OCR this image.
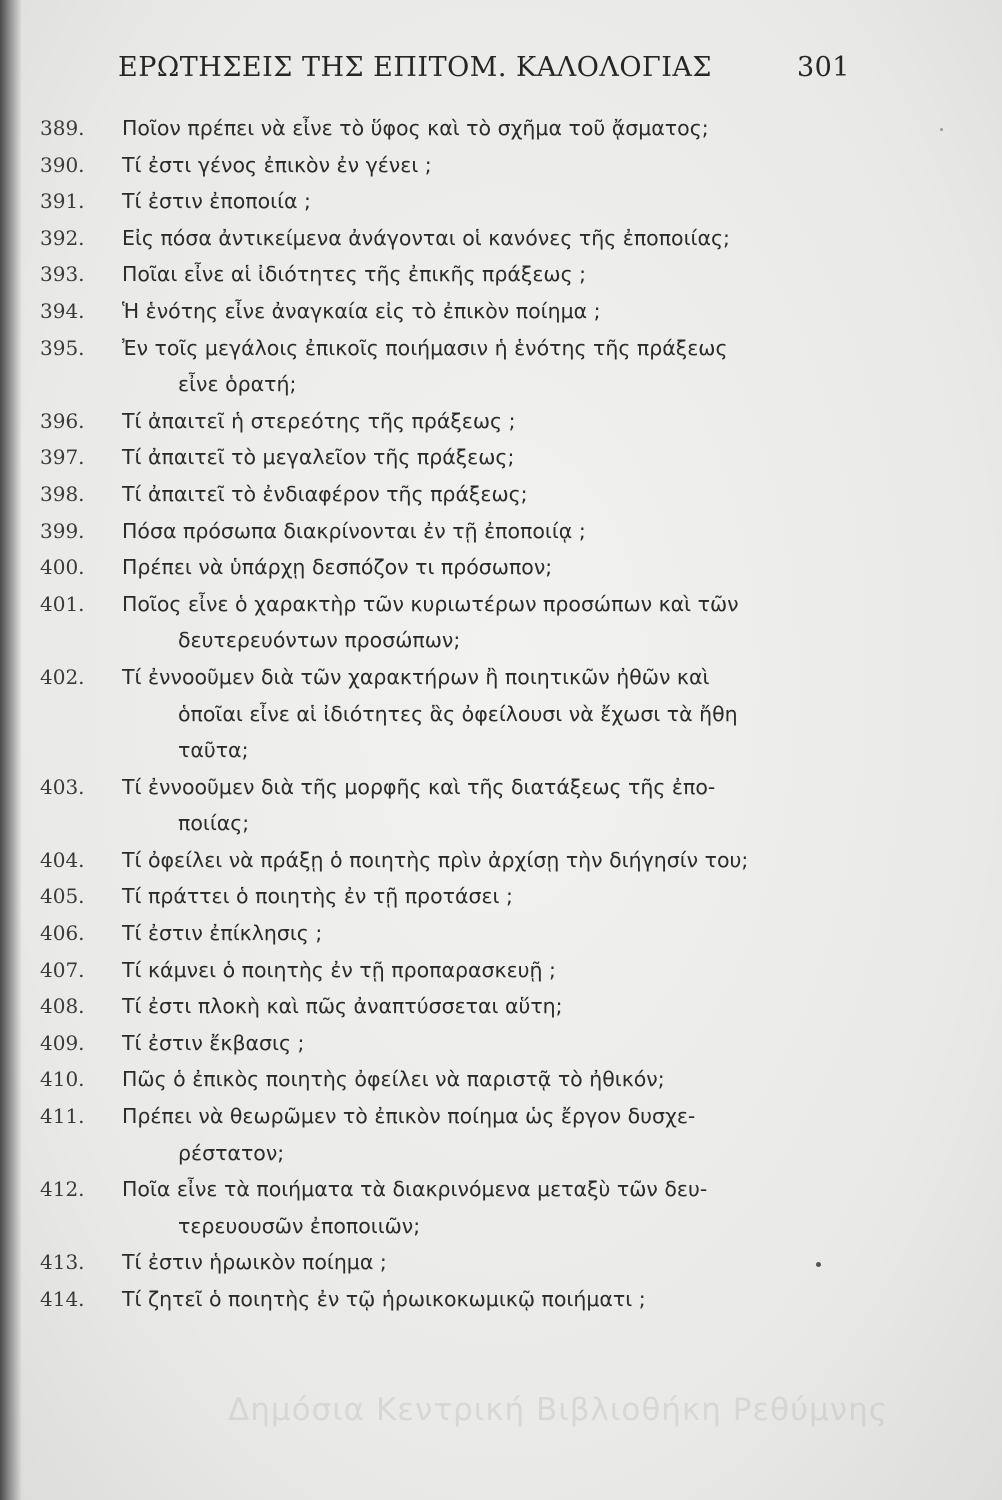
ΕΡΩΤΗΣΕΙΣ ΤΗΣ ΕΠΙΤΟΜ. ΚΑΛΟΛΟΓΙΑΣ	301
389.	Ποῖον πρέπει νὰ εἶνε τὸ ὕφος καὶ τὸ σχῆμα τοῦ ᾄσματος;
390.	Τί ἐστι γένος ἐπικὸν ἐν γένει ;
391.	Τί ἐστιν ἐποποιία ;
392.	Εἰς πόσα ἀντικείμενα ἀνάγονται οἱ κανόνες τῆς ἐποποιίας;
393.	Ποῖαι εἶνε αἱ ἰδιότητες τῆς ἐπικῆς πράξεως ;
394.	Ἡ ἑνότης εἶνε ἀναγκαία εἰς τὸ ἐπικὸν ποίημα ;
395.	Ἐν τοῖς μεγάλοις ἐπικοῖς ποιήμασιν ἡ ἑνότης τῆς πράξεως
εἶνε ὁρατή;
396.	Τί ἀπαιτεῖ ἡ στερεότης τῆς πράξεως ;
397.	Τί ἀπαιτεῖ τὸ μεγαλεῖον τῆς πράξεως;
398.	Τί ἀπαιτεῖ τὸ ἐνδιαφέρον τῆς πράξεως;
399.	Πόσα πρόσωπα διακρίνονται ἐν τῇ ἐποποιίᾳ ;
400.	Πρέπει νὰ ὑπάρχῃ δεσπόζον τι πρόσωπον;
401.	Ποῖος εἶνε ὁ χαρακτὴρ τῶν κυριωτέρων προσώπων καὶ τῶν
δευτερευόντων προσώπων;
402.	Τί ἐννοοῦμεν διὰ τῶν χαρακτήρων ἢ ποιητικῶν ἠθῶν καὶ
ὁποῖαι εἶνε αἱ ἰδιότητες ἃς ὀφείλουσι νὰ ἔχωσι τὰ ἤθη
ταῦτα;
403.	Τί ἐννοοῦμεν διὰ τῆς μορφῆς καὶ τῆς διατάξεως τῆς ἐπο-
ποιίας;
404.	Τί ὀφείλει νὰ πράξῃ ὁ ποιητὴς πρὶν ἀρχίσῃ τὴν διήγησίν του;
405.	Τί πράττει ὁ ποιητὴς ἐν τῇ προτάσει ;
406.	Τί ἐστιν ἐπίκλησις ;
407.	Τί κάμνει ὁ ποιητὴς ἐν τῇ προπαρασκευῇ ;
408.	Τί ἐστι πλοκὴ καὶ πῶς ἀναπτύσσεται αὕτη;
409.	Τί ἐστιν ἔκβασις ;
410.	Πῶς ὁ ἐπικὸς ποιητὴς ὀφείλει νὰ παριστᾷ τὸ ἠθικόν;
411.	Πρέπει νὰ θεωρῶμεν τὸ ἐπικὸν ποίημα ὡς ἔργον δυσχε-
ρέστατον;
412.	Ποῖα εἶνε τὰ ποιήματα τὰ διακρινόμενα μεταξὺ τῶν δευ-
τερευουσῶν ἐποποιιῶν;
413.	Τί ἐστιν ἡρωικὸν ποίημα ;
414.	Τί ζητεῖ ὁ ποιητὴς ἐν τῷ ἡρωικοκωμικῷ ποιήματι ;
Δημόσια Κεντρική Βιβλιοθήκη Ρεθύμνης
